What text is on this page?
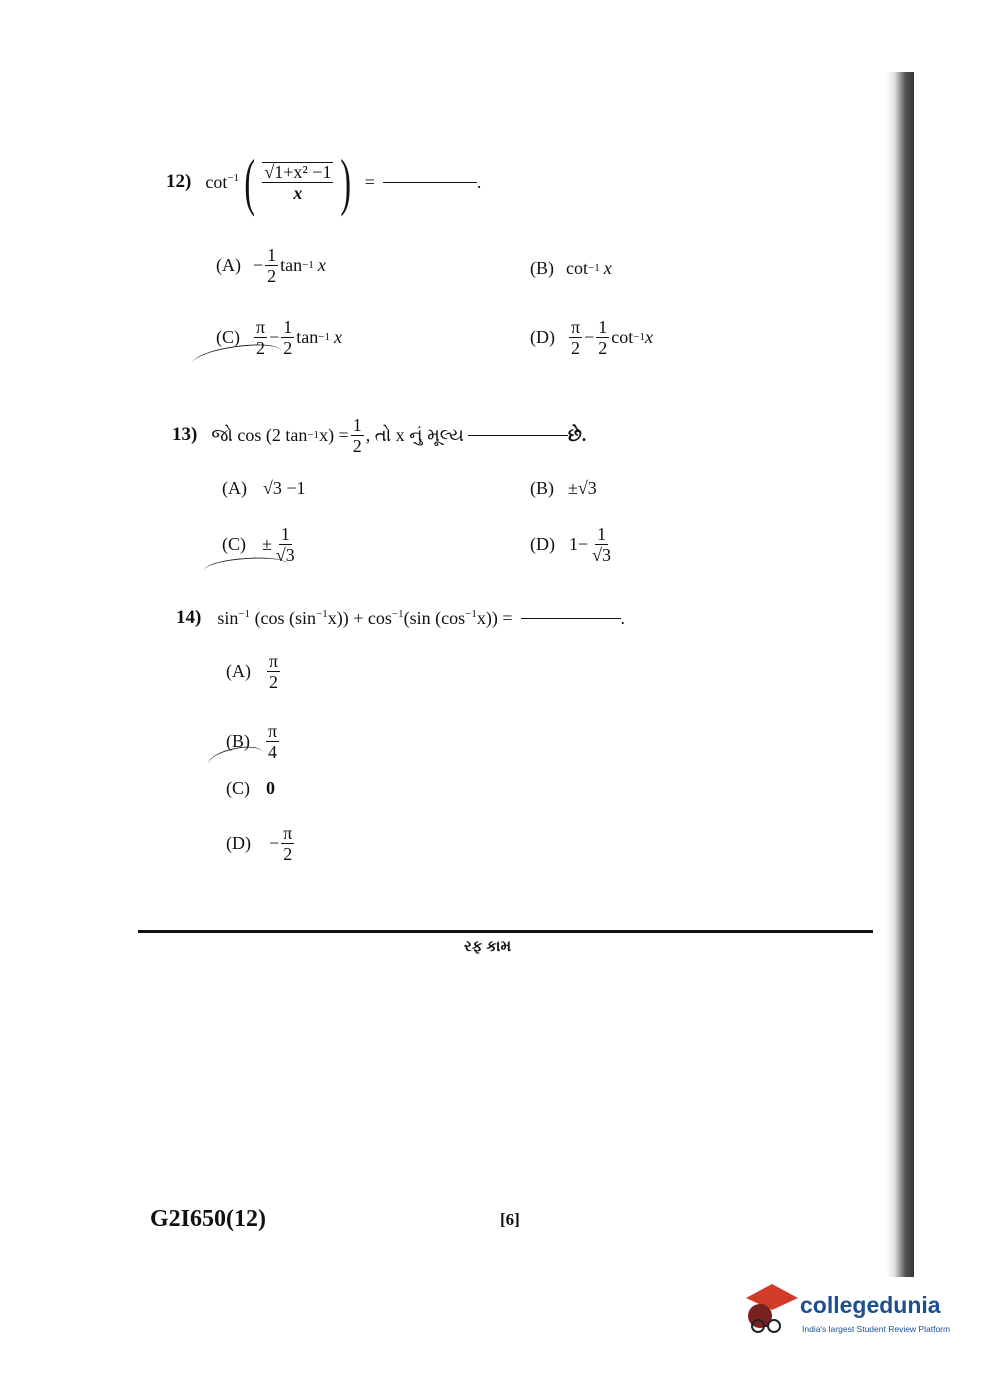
12) $\cot^{-1}$ ( $\frac{\text{√1+x² −1}}{x}$ ) =	.
$(A) - \frac{1}{2}$ tan −1 x	(B) cot −1 x
$(C) \frac{\pi}{2} - \frac{1}{2}$ tan −1 x	$(D) \frac{\pi}{2} - \frac{1}{2}$ cot −1 x
13) જો cos (2 tan −1 $x) = \frac{1}{2}$ , તો x નું મૂલ્ય	છે.
(A) √3 −1	(B) ±√3
$(C) \pm \frac{1}{√3}$	(D) $1- \frac{1}{√3}$
14) $\sin^{-1} (\cos$ $(\sin^{-1}x)) + \cos^{-1}(\sin$ $(\cos^{-1}x)$) =	.
$(A) \frac{\pi}{2}$
$(B) \frac{\pi}{4}$
(C) 0
$(D) - \frac{\pi}{2}$
રફ કામ
G2I650(12)	[6]
collegedunia
India's largest Student Review Platform
